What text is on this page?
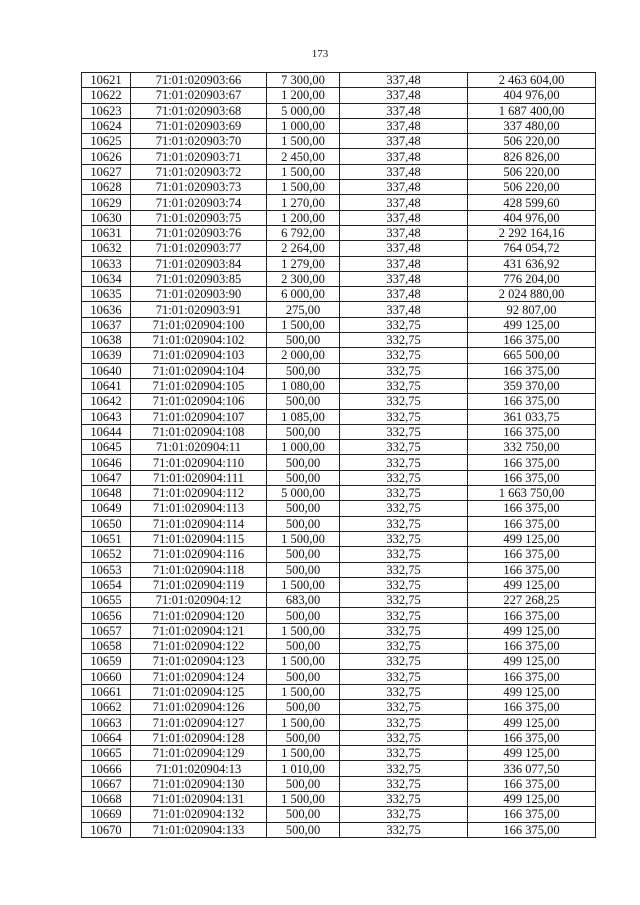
173
10621	71:01:020903:66	7 300,00	337,48	2 463 604,00
10622	71:01:020903:67	1 200,00	337,48	404 976,00
10623	71:01:020903:68	5 000,00	337,48	1 687 400,00
10624	71:01:020903:69	1 000,00	337,48	337 480,00
10625	71:01:020903:70	1 500,00	337,48	506 220,00
10626	71:01:020903:71	2 450,00	337,48	826 826,00
10627	71:01:020903:72	1 500,00	337,48	506 220,00
10628	71:01:020903:73	1 500,00	337,48	506 220,00
10629	71:01:020903:74	1 270,00	337,48	428 599,60
10630	71:01:020903:75	1 200,00	337,48	404 976,00
10631	71:01:020903:76	6 792,00	337,48	2 292 164,16
10632	71:01:020903:77	2 264,00	337,48	764 054,72
10633	71:01:020903:84	1 279,00	337,48	431 636,92
10634	71:01:020903:85	2 300,00	337,48	776 204,00
10635	71:01:020903:90	6 000,00	337,48	2 024 880,00
10636	71:01:020903:91	275,00	337,48	92 807,00
10637	71:01:020904:100	1 500,00	332,75	499 125,00
10638	71:01:020904:102	500,00	332,75	166 375,00
10639	71:01:020904:103	2 000,00	332,75	665 500,00
10640	71:01:020904:104	500,00	332,75	166 375,00
10641	71:01:020904:105	1 080,00	332,75	359 370,00
10642	71:01:020904:106	500,00	332,75	166 375,00
10643	71:01:020904:107	1 085,00	332,75	361 033,75
10644	71:01:020904:108	500,00	332,75	166 375,00
10645	71:01:020904:11	1 000,00	332,75	332 750,00
10646	71:01:020904:110	500,00	332,75	166 375,00
10647	71:01:020904:111	500,00	332,75	166 375,00
10648	71:01:020904:112	5 000,00	332,75	1 663 750,00
10649	71:01:020904:113	500,00	332,75	166 375,00
10650	71:01:020904:114	500,00	332,75	166 375,00
10651	71:01:020904:115	1 500,00	332,75	499 125,00
10652	71:01:020904:116	500,00	332,75	166 375,00
10653	71:01:020904:118	500,00	332,75	166 375,00
10654	71:01:020904:119	1 500,00	332,75	499 125,00
10655	71:01:020904:12	683,00	332,75	227 268,25
10656	71:01:020904:120	500,00	332,75	166 375,00
10657	71:01:020904:121	1 500,00	332,75	499 125,00
10658	71:01:020904:122	500,00	332,75	166 375,00
10659	71:01:020904:123	1 500,00	332,75	499 125,00
10660	71:01:020904:124	500,00	332,75	166 375,00
10661	71:01:020904:125	1 500,00	332,75	499 125,00
10662	71:01:020904:126	500,00	332,75	166 375,00
10663	71:01:020904:127	1 500,00	332,75	499 125,00
10664	71:01:020904:128	500,00	332,75	166 375,00
10665	71:01:020904:129	1 500,00	332,75	499 125,00
10666	71:01:020904:13	1 010,00	332,75	336 077,50
10667	71:01:020904:130	500,00	332,75	166 375,00
10668	71:01:020904:131	1 500,00	332,75	499 125,00
10669	71:01:020904:132	500,00	332,75	166 375,00
10670	71:01:020904:133	500,00	332,75	166 375,00
